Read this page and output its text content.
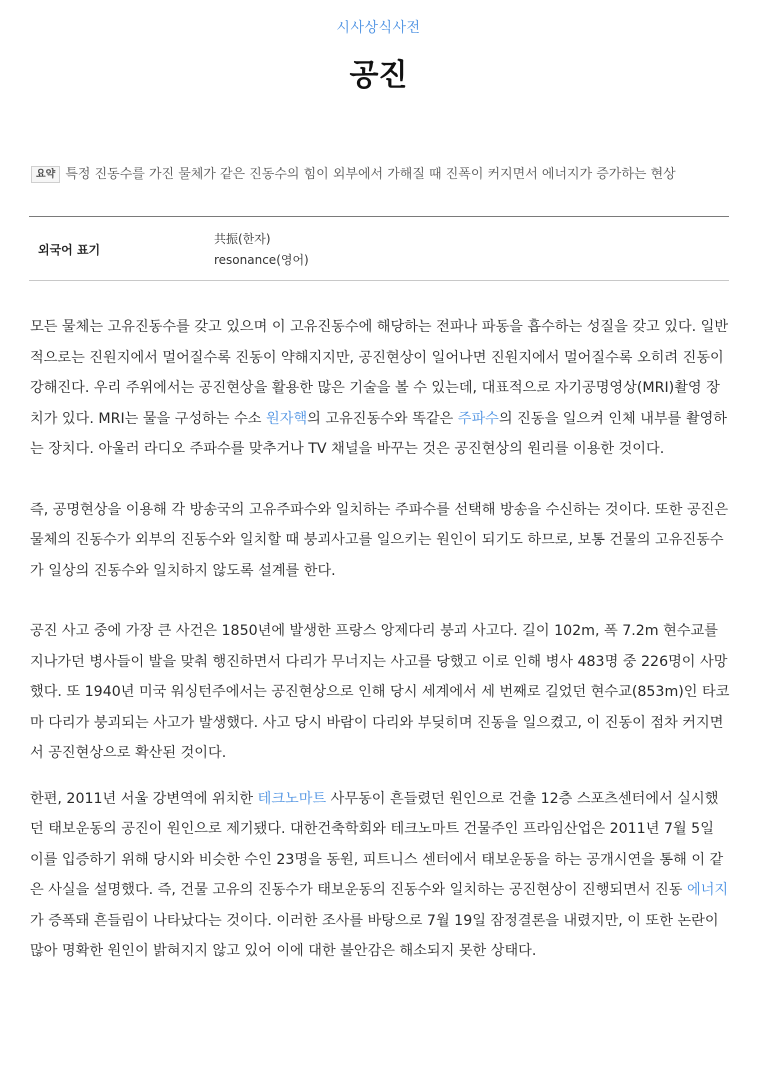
시사상식사전
공진
요약 특정 진동수를 가진 물체가 같은 진동수의 힘이 외부에서 가해질 때 진폭이 커지면서 에너지가 증가하는 현상
외국어 표기
共振(한자)
resonance(영어)

모든 물체는 고유진동수를 갖고 있으며 이 고유진동수에 해당하는 전파나 파동을 흡수하는 성질을 갖고 있다. 일반적으로는 진원지에서 멀어질수록 진동이 약해지지만, 공진현상이 일어나면 진원지에서 멀어질수록 오히려 진동이 강해진다. 우리 주위에서는 공진현상을 활용한 많은 기술을 볼 수 있는데, 대표적으로 자기공명영상(MRI)촬영 장치가 있다. MRI는 물을 구성하는 수소 원자핵의 고유진동수와 똑같은 주파수의 진동을 일으켜 인체 내부를 촬영하는 장치다. 아울러 라디오 주파수를 맞추거나 TV 채널을 바꾸는 것은 공진현상의 원리를 이용한 것이다.

즉, 공명현상을 이용해 각 방송국의 고유주파수와 일치하는 주파수를 선택해 방송을 수신하는 것이다. 또한 공진은 물체의 진동수가 외부의 진동수와 일치할 때 붕괴사고를 일으키는 원인이 되기도 하므로, 보통 건물의 고유진동수가 일상의 진동수와 일치하지 않도록 설계를 한다.

공진 사고 중에 가장 큰 사건은 1850년에 발생한 프랑스 앙제다리 붕괴 사고다. 길이 102m, 폭 7.2m 현수교를 지나가던 병사들이 발을 맞춰 행진하면서 다리가 무너지는 사고를 당했고 이로 인해 병사 483명 중 226명이 사망했다. 또 1940년 미국 워싱턴주에서는 공진현상으로 인해 당시 세계에서 세 번째로 길었던 현수교(853m)인 타코마 다리가 붕괴되는 사고가 발생했다. 사고 당시 바람이 다리와 부딪히며 진동을 일으켰고, 이 진동이 점차 커지면서 공진현상으로 확산된 것이다.

한편, 2011년 서울 강변역에 위치한 테크노마트 사무동이 흔들렸던 원인으로 건출 12층 스포츠센터에서 실시했던 태보운동의 공진이 원인으로 제기됐다. 대한건축학회와 테크노마트 건물주인 프라임산업은 2011년 7월 5일 이를 입증하기 위해 당시와 비슷한 수인 23명을 동원, 피트니스 센터에서 태보운동을 하는 공개시연을 통해 이 같은 사실을 설명했다. 즉, 건물 고유의 진동수가 태보운동의 진동수와 일치하는 공진현상이 진행되면서 진동 에너지가 증폭돼 흔들림이 나타났다는 것이다. 이러한 조사를 바탕으로 7월 19일 잠정결론을 내렸지만, 이 또한 논란이 많아 명확한 원인이 밝혀지지 않고 있어 이에 대한 불안감은 해소되지 못한 상태다.
